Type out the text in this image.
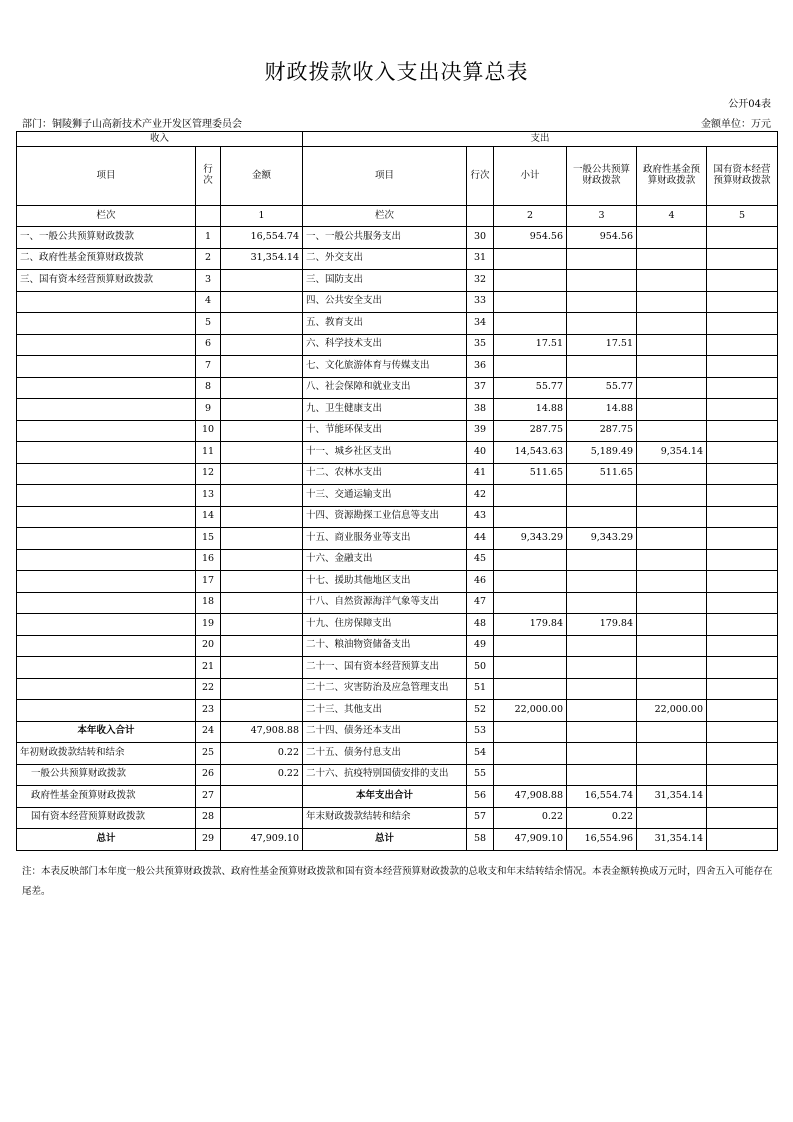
财政拨款收入支出决算总表
公开04表
部门：铜陵狮子山高新技术产业开发区管理委员会	金额单位：万元
收入			支出					
项目	行次	金额	项目	行次	小计	一般公共预算财政拨款	政府性基金预算财政拨款	国有资本经营预算财政拨款
栏次		1	栏次		2	3	4	5
一、一般公共预算财政拨款	1	16,554.74	一、一般公共服务支出	30	954.56	954.56		
二、政府性基金预算财政拨款	2	31,354.14	二、外交支出	31				
三、国有资本经营预算财政拨款	3		三、国防支出	32				
	4		四、公共安全支出	33				
	5		五、教育支出	34				
	6		六、科学技术支出	35	17.51	17.51		
	7		七、文化旅游体育与传媒支出	36				
	8		八、社会保障和就业支出	37	55.77	55.77		
	9		九、卫生健康支出	38	14.88	14.88		
	10		十、节能环保支出	39	287.75	287.75		
	11		十一、城乡社区支出	40	14,543.63	5,189.49	9,354.14	
	12		十二、农林水支出	41	511.65	511.65		
	13		十三、交通运输支出	42				
	14		十四、资源勘探工业信息等支出	43				
	15		十五、商业服务业等支出	44	9,343.29	9,343.29		
	16		十六、金融支出	45				
	17		十七、援助其他地区支出	46				
	18		十八、自然资源海洋气象等支出	47				
	19		十九、住房保障支出	48	179.84	179.84		
	20		二十、粮油物资储备支出	49				
	21		二十一、国有资本经营预算支出	50				
	22		二十二、灾害防治及应急管理支出	51				
	23		二十三、其他支出	52	22,000.00		22,000.00	
本年收入合计	24	47,908.88	二十四、债务还本支出	53				
年初财政拨款结转和结余	25	0.22	二十五、债务付息支出	54				
一般公共预算财政拨款	26	0.22	二十六、抗疫特别国债安排的支出	55				
政府性基金预算财政拨款	27		本年支出合计	56	47,908.88	16,554.74	31,354.14	
国有资本经营预算财政拨款	28		年末财政拨款结转和结余	57	0.22	0.22		
总计	29	47,909.10	总计	58	47,909.10	16,554.96	31,354.14	
注：本表反映部门本年度一般公共预算财政拨款、政府性基金预算财政拨款和国有资本经营预算财政拨款的总收支和年末结转结余情况。本表金额转换成万元时，四舍五入可能存在尾差。
